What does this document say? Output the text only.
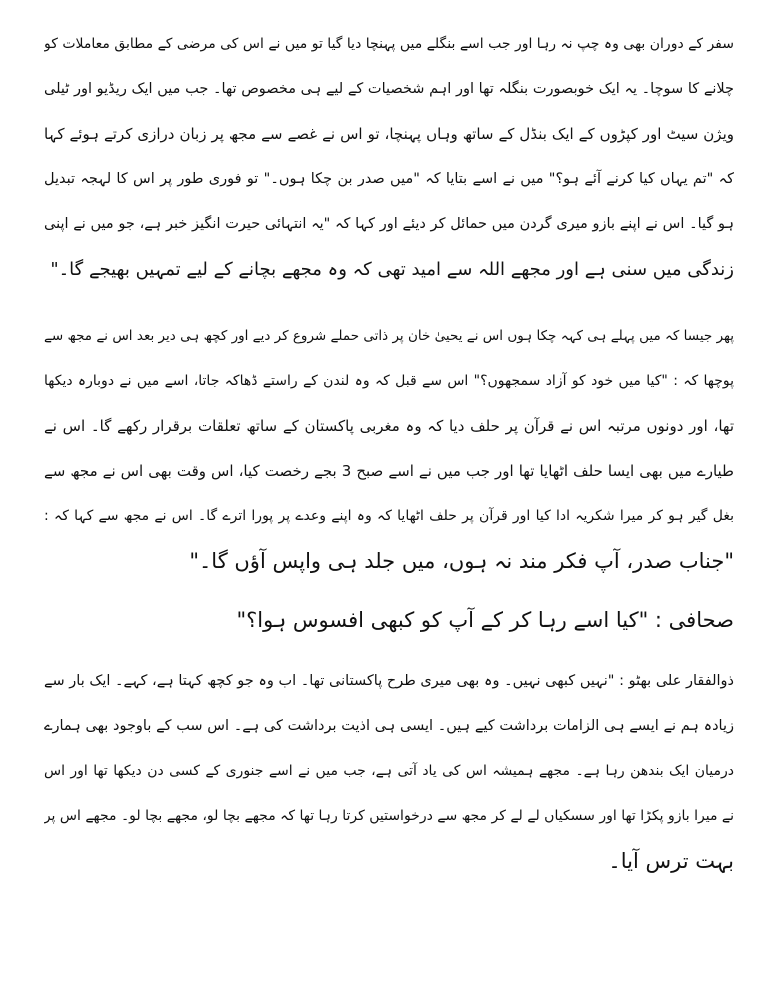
سفر کے دوران بھی وہ چپ نہ رہا اور جب اسے بنگلے میں پہنچا دیا گیا تو میں نے اس کی مرضی کے مطابق معاملات کو
چلانے کا سوچا۔ یہ ایک خوبصورت بنگلہ تھا اور اہم شخصیات کے لیے ہی مخصوص تھا۔ جب میں ایک ریڈیو اور ٹیلی
ویژن سیٹ اور کپڑوں کے ایک بنڈل کے ساتھ وہاں پہنچا، تو اس نے غصے سے مجھ پر زبان درازی کرتے ہوئے کہا
کہ "تم یہاں کیا کرنے آئے ہو؟" میں نے اسے بتایا کہ "میں صدر بن چکا ہوں۔" تو فوری طور پر اس کا لہجہ تبدیل
ہو گیا۔ اس نے اپنے بازو میری گردن میں حمائل کر دیئے اور کہا کہ "یہ انتہائی حیرت انگیز خبر ہے، جو میں نے اپنی
زندگی میں سنی ہے اور مجھے اللہ سے امید تھی کہ وہ مجھے بچانے کے لیے تمہیں بھیجے گا۔"
پھر جیسا کہ میں پہلے ہی کہہ چکا ہوں اس نے یحییٰ خان پر ذاتی حملے شروع کر دیے اور کچھ ہی دیر بعد اس نے مجھ سے
پوچھا کہ : "کیا میں خود کو آزاد سمجھوں؟" اس سے قبل کہ وہ لندن کے راستے ڈھاکہ جاتا، اسے میں نے دوبارہ دیکھا
تھا، اور دونوں مرتبہ اس نے قرآن پر حلف دیا کہ وہ مغربی پاکستان کے ساتھ تعلقات برقرار رکھے گا۔ اس نے
طیارے میں بھی ایسا حلف اٹھایا تھا اور جب میں نے اسے صبح 3 بجے رخصت کیا، اس وقت بھی اس نے مجھ سے
بغل گیر ہو کر میرا شکریہ ادا کیا اور قرآن پر حلف اٹھایا کہ وہ اپنے وعدے پر پورا اترے گا۔ اس نے مجھ سے کہا کہ :
"جناب صدر، آپ فکر مند نہ ہوں، میں جلد ہی واپس آؤں گا۔"
صحافی : "کیا اسے رہا کر کے آپ کو کبھی افسوس ہوا؟"
ذوالفقار علی بھٹو : "نہیں کبھی نہیں۔ وہ بھی میری طرح پاکستانی تھا۔ اب وہ جو کچھ کہتا ہے، کہے۔ ایک بار سے
زیادہ ہم نے ایسے ہی الزامات برداشت کیے ہیں۔ ایسی ہی اذیت برداشت کی ہے۔ اس سب کے باوجود بھی ہمارے
درمیان ایک بندھن رہا ہے۔ مجھے ہمیشہ اس کی یاد آتی ہے، جب میں نے اسے جنوری کے کسی دن دیکھا تھا اور اس
نے میرا بازو پکڑا تھا اور سسکیاں لے لے کر مجھ سے درخواستیں کرتا رہا تھا کہ مجھے بچا لو، مجھے بچا لو۔ مجھے اس پر
بہت ترس آیا۔
